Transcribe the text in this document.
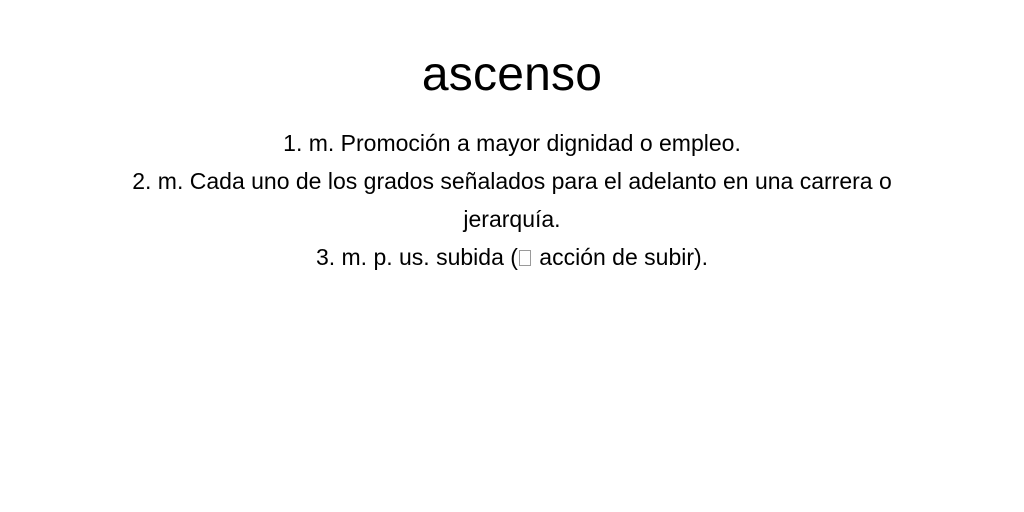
ascenso
1. m. Promoción a mayor dignidad o empleo.
2. m. Cada uno de los grados señalados para el adelanto en una carrera o jerarquía.
3. m. p. us. subida ( acción de subir).
